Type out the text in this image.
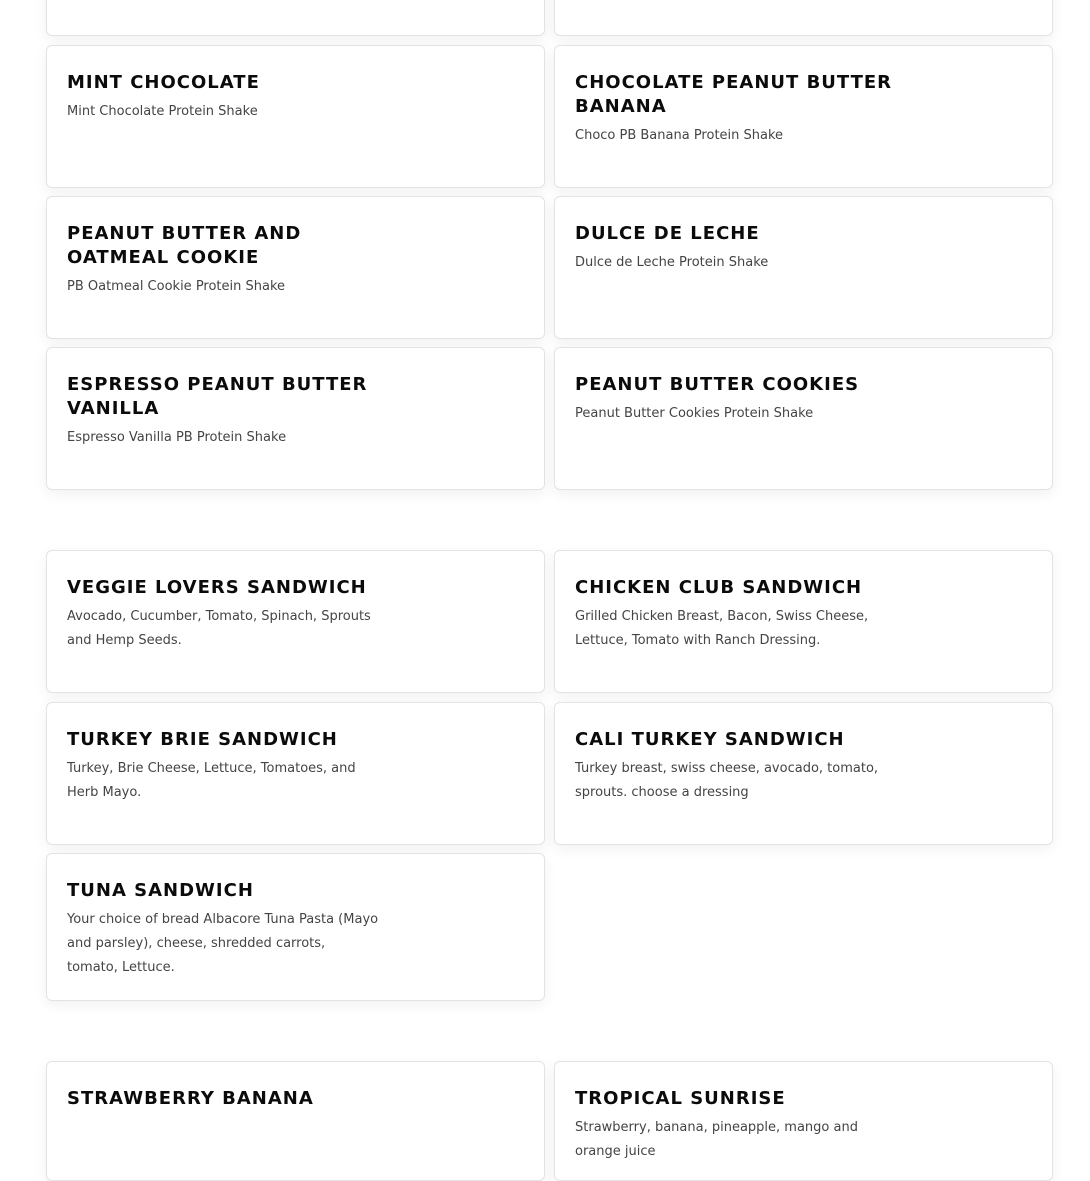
MINT CHOCOLATE
Mint Chocolate Protein Shake
CHOCOLATE PEANUT BUTTER BANANA
Choco PB Banana Protein Shake
PEANUT BUTTER AND OATMEAL COOKIE
PB Oatmeal Cookie Protein Shake
DULCE DE LECHE
Dulce de Leche Protein Shake
ESPRESSO PEANUT BUTTER VANILLA
Espresso Vanilla PB Protein Shake
PEANUT BUTTER COOKIES
Peanut Butter Cookies Protein Shake
VEGGIE LOVERS SANDWICH
Avocado, Cucumber, Tomato, Spinach, Sprouts and Hemp Seeds.
CHICKEN CLUB SANDWICH
Grilled Chicken Breast, Bacon, Swiss Cheese, Lettuce, Tomato with Ranch Dressing.
TURKEY BRIE SANDWICH
Turkey, Brie Cheese, Lettuce, Tomatoes, and Herb Mayo.
CALI TURKEY SANDWICH
Turkey breast, swiss cheese, avocado, tomato, sprouts. choose a dressing
TUNA SANDWICH
Your choice of bread Albacore Tuna Pasta (Mayo and parsley), cheese, shredded carrots, tomato, Lettuce.
STRAWBERRY BANANA	TROPICAL SUNRISE
Strawberry, banana, pineapple, mango and orange juice
